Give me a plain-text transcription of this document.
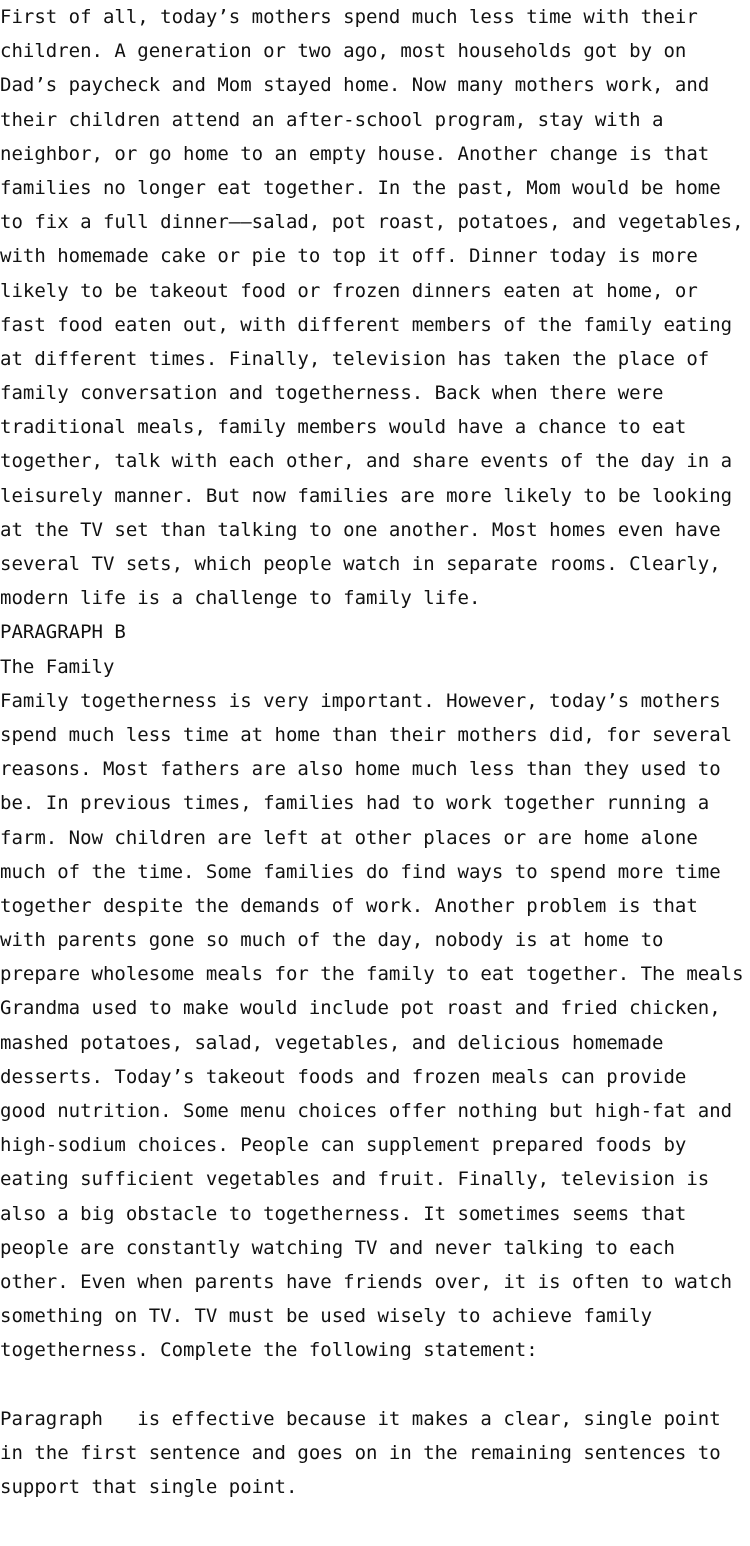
First of all, today’s mothers spend much less time with their
children. A generation or two ago, most households got by on
Dad’s paycheck and Mom stayed home. Now many mothers work, and
their children attend an after-school program, stay with a
neighbor, or go home to an empty house. Another change is that
families no longer eat together. In the past, Mom would be home
to fix a full dinner——salad, pot roast, potatoes, and vegetables,
with homemade cake or pie to top it off. Dinner today is more
likely to be takeout food or frozen dinners eaten at home, or
fast food eaten out, with different members of the family eating
at different times. Finally, television has taken the place of
family conversation and togetherness. Back when there were
traditional meals, family members would have a chance to eat
together, talk with each other, and share events of the day in a
leisurely manner. But now families are more likely to be looking
at the TV set than talking to one another. Most homes even have
several TV sets, which people watch in separate rooms. Clearly,
modern life is a challenge to family life.
PARAGRAPH B
The Family
Family togetherness is very important. However, today’s mothers
spend much less time at home than their mothers did, for several
reasons. Most fathers are also home much less than they used to
be. In previous times, families had to work together running a
farm. Now children are left at other places or are home alone
much of the time. Some families do find ways to spend more time
together despite the demands of work. Another problem is that
with parents gone so much of the day, nobody is at home to
prepare wholesome meals for the family to eat together. The meals
Grandma used to make would include pot roast and fried chicken,
mashed potatoes, salad, vegetables, and delicious homemade
desserts. Today’s takeout foods and frozen meals can provide
good nutrition. Some menu choices offer nothing but high-fat and
high-sodium choices. People can supplement prepared foods by
eating sufficient vegetables and fruit. Finally, television is
also a big obstacle to togetherness. It sometimes seems that
people are constantly watching TV and never talking to each
other. Even when parents have friends over, it is often to watch
something on TV. TV must be used wisely to achieve family
togetherness. Complete the following statement:
Paragraph   is effective because it makes a clear, single point
in the first sentence and goes on in the remaining sentences to
support that single point.
